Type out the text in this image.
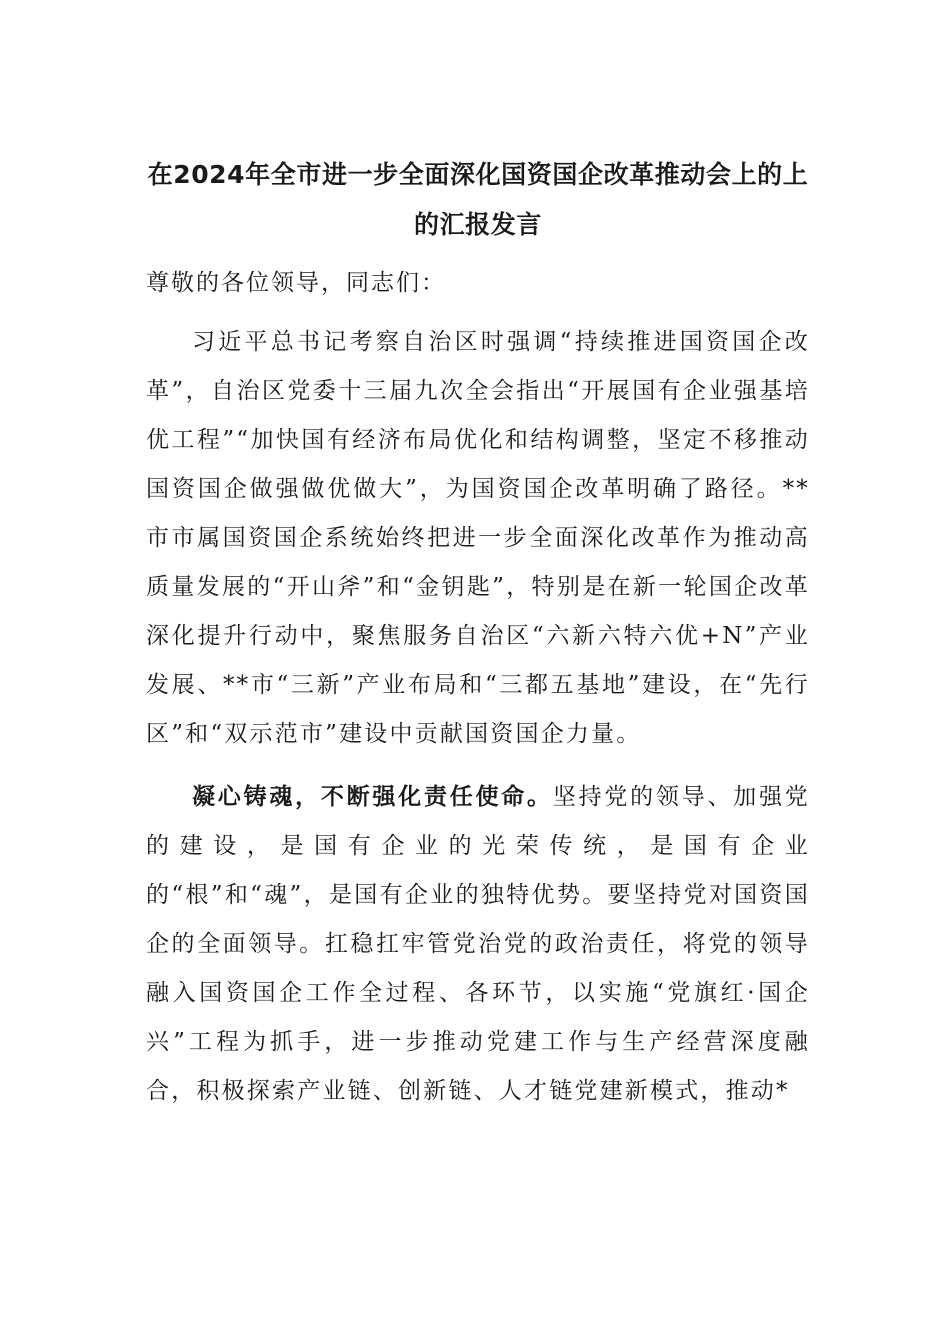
在2024年全市进一步全面深化国资国企改革推动会上的上
的汇报发言

尊敬的各位领导，同志们：

习近平总书记考察自治区时强调“持续推进国资国企改革”，自治区党委十三届九次全会指出“开展国有企业强基培优工程”“加快国有经济布局优化和结构调整，坚定不移推动国资国企做强做优做大”，为国资国企改革明确了路径。**市市属国资国企系统始终把进一步全面深化改革作为推动高质量发展的“开山斧”和“金钥匙”，特别是在新一轮国企改革深化提升行动中，聚焦服务自治区“六新六特六优+N”产业发展、**市“三新”产业布局和“三都五基地”建设，在“先行区”和“双示范市”建设中贡献国资国企力量。

凝心铸魂，不断强化责任使命。坚持党的领导、加强党的建设，是国有企业的光荣传统，是国有企业的“根”和“魂”，是国有企业的独特优势。要坚持党对国资国企的全面领导。扛稳扛牢管党治党的政治责任，将党的领导融入国资国企工作全过程、各环节，以实施“党旗红·国企兴”工程为抓手，进一步推动党建工作与生产经营深度融合，积极探索产业链、创新链、人才链党建新模式，推动*
